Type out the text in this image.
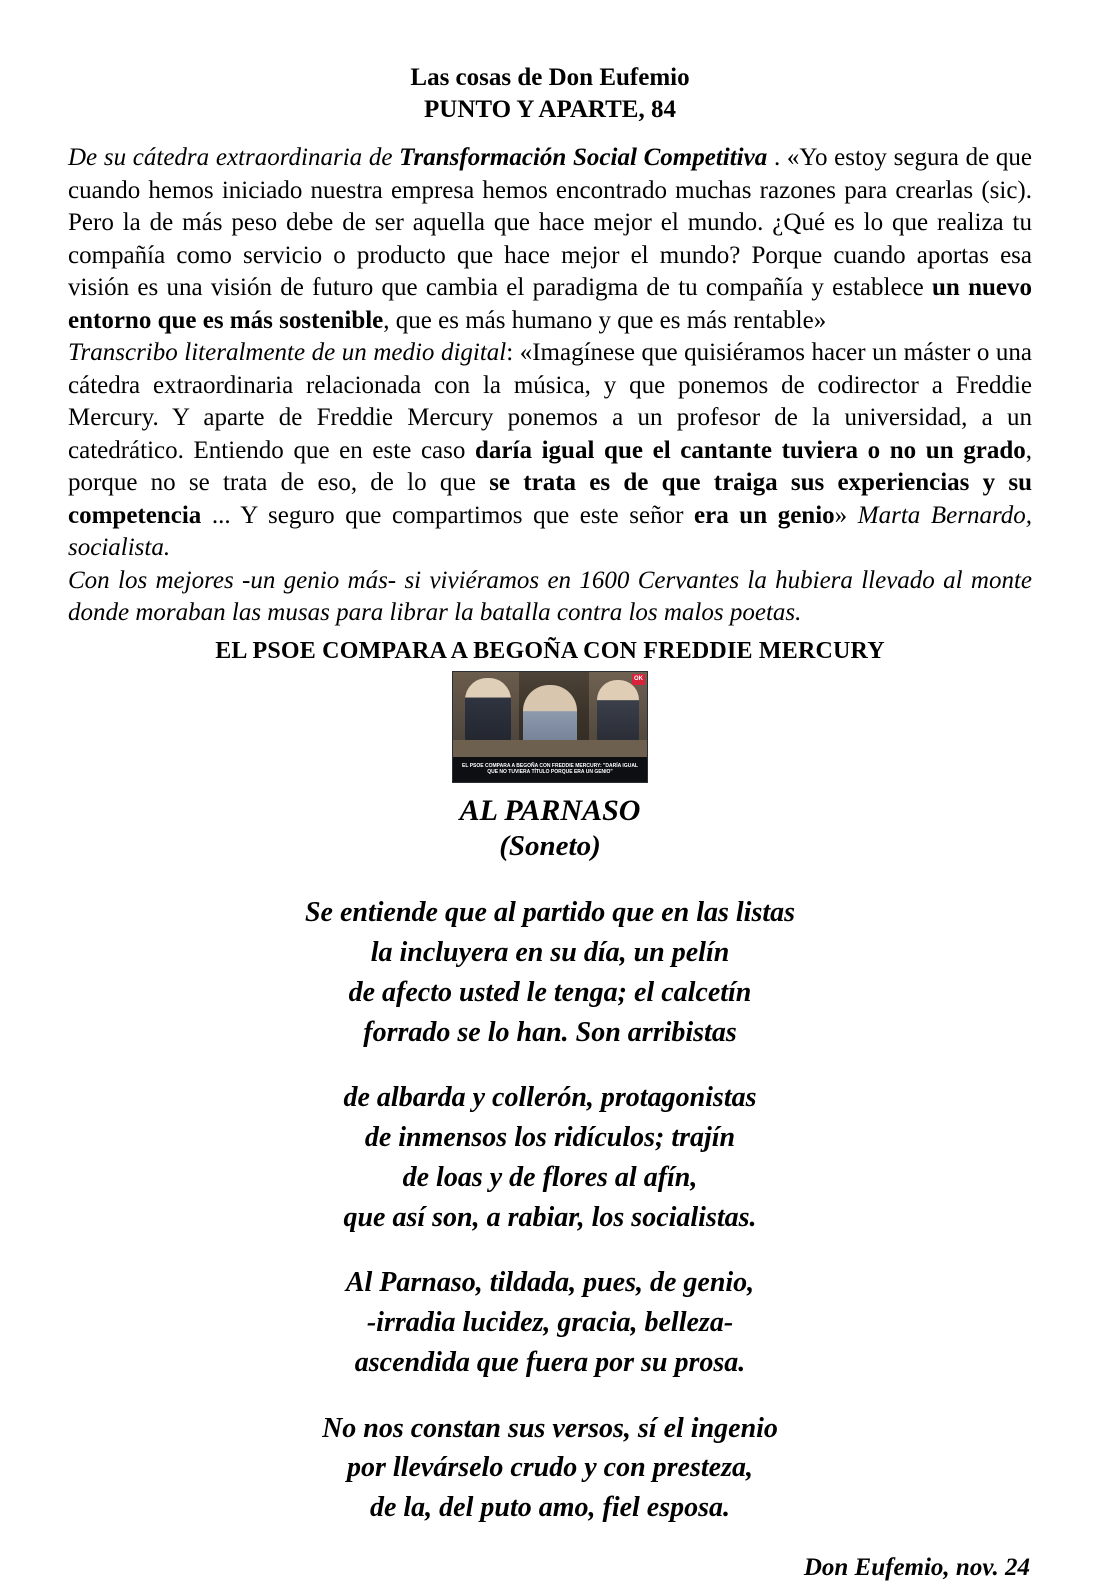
Las cosas de Don Eufemio
PUNTO Y APARTE, 84

De su cátedra extraordinaria de Transformación Social Competitiva . «Yo estoy segura de que cuando hemos iniciado nuestra empresa hemos encontrado muchas razones para crearlas (sic). Pero la de más peso debe de ser aquella que hace mejor el mundo. ¿Qué es lo que realiza tu compañía como servicio o producto que hace mejor el mundo? Porque cuando aportas esa visión es una visión de futuro que cambia el paradigma de tu compañía y establece un nuevo entorno que es más sostenible, que es más humano y que es más rentable»

Transcribo literalmente de un medio digital: «Imagínese que quisiéramos hacer un máster o una cátedra extraordinaria relacionada con la música, y que ponemos de codirector a Freddie Mercury. Y aparte de Freddie Mercury ponemos a un profesor de la universidad, a un catedrático. Entiendo que en este caso daría igual que el cantante tuviera o no un grado, porque no se trata de eso, de lo que se trata es de que traiga sus experiencias y su competencia ... Y seguro que compartimos que este señor era un genio» Marta Bernardo, socialista.

Con los mejores -un genio más- si viviéramos en 1600 Cervantes la hubiera llevado al monte donde moraban las musas para librar la batalla contra los malos poetas.

EL PSOE COMPARA A BEGOÑA CON FREDDIE MERCURY
OK
EL PSOE COMPARA A BEGOÑA CON FREDDIE MERCURY: "DARÍA IGUAL QUE NO TUVIERA TÍTULO PORQUE ERA UN GENIO"
AL PARNASO
(Soneto)
Se entiende que al partido que en las listas
la incluyera en su día, un pelín
de afecto usted le tenga; el calcetín
forrado se lo han. Son arribistas
de albarda y collerón, protagonistas
de inmensos los ridículos; trajín
de loas y de flores al afín,
que así son, a rabiar, los socialistas.
Al Parnaso, tildada, pues, de genio,
-irradia lucidez, gracia, belleza-
ascendida que fuera por su prosa.
No nos constan sus versos, sí el ingenio
por llevárselo crudo y con presteza,
de la, del puto amo, fiel esposa.
Don Eufemio, nov. 24
